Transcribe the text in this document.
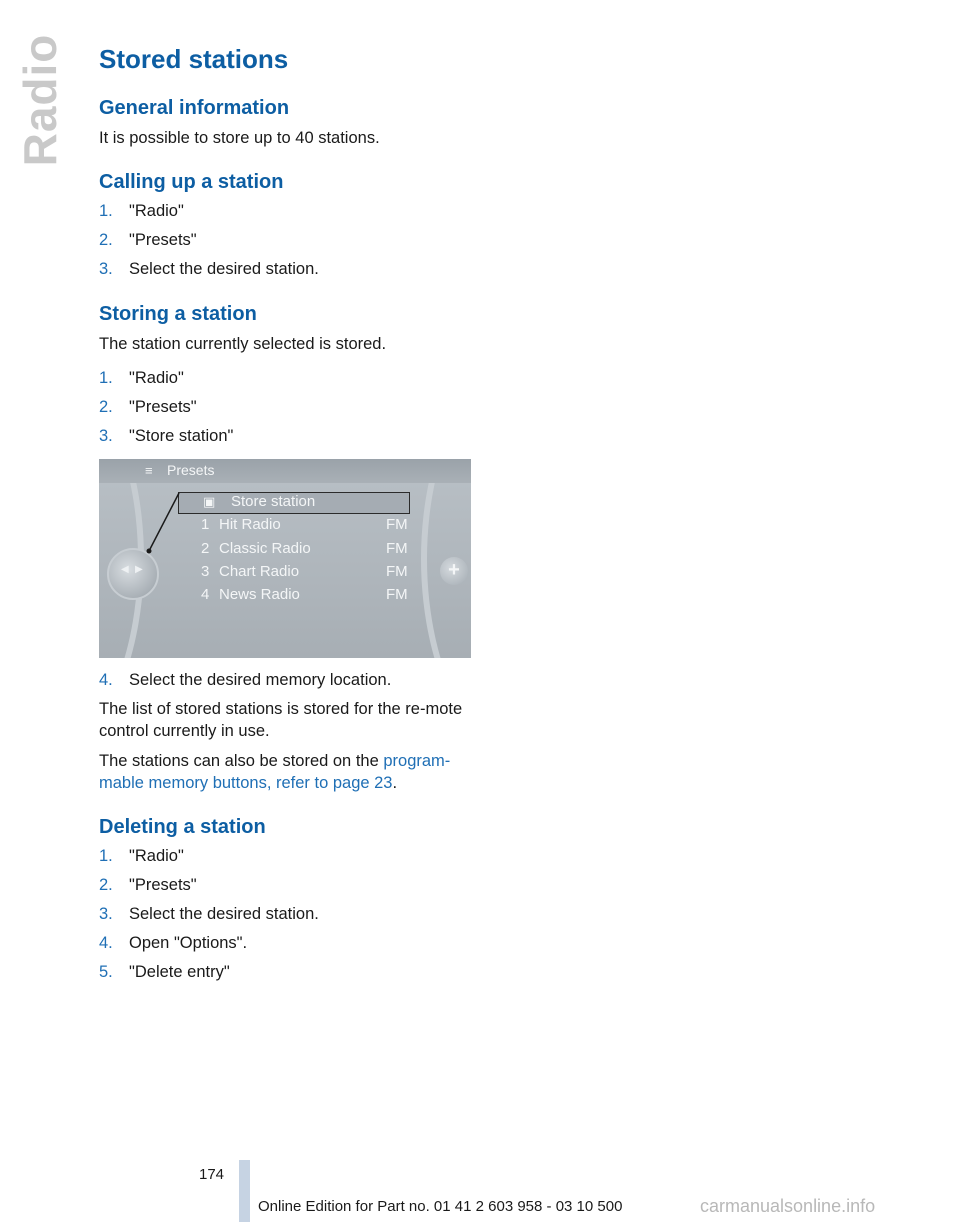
Radio Stored stations
General information

It is possible to store up to 40 stations.

Calling up a station
1. "Radio"
2. "Presets"
3. Select the desired station.
Storing a station

The station currently selected is stored.

1. "Radio"
2. "Presets"
3. "Store station"
4. Select the desired memory location.

The list of stored stations is stored for the re-mote control currently in use.

The stations can also be stored on the program-mable memory buttons, refer to page 23.

Deleting a station
1. "Radio"
2. "Presets"
3. Select the desired station.
4. Open "Options".
5. "Delete entry"
≡ Presets
◀ ▶	+
▣ Store station
1 Hit Radio	FM
2 Classic Radio	FM
3 Chart Radio	FM
4 News Radio	FM
174
Online Edition for Part no. 01 41 2 603 958 - 03 10 500	carmanualsonline.info
